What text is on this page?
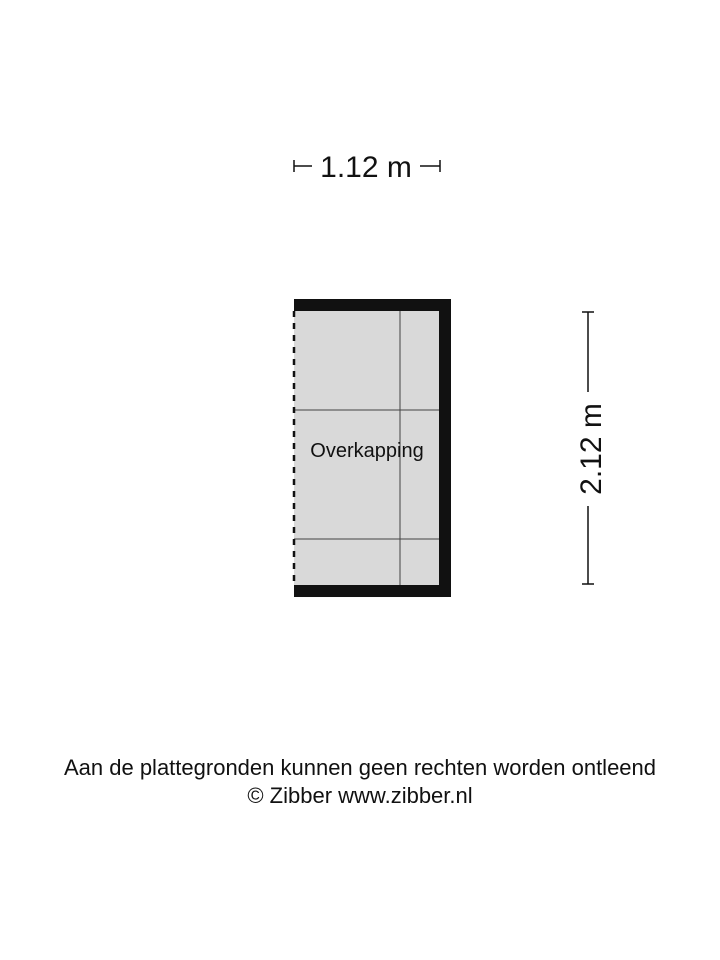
1.12 m
2.12 m
Overkapping
Aan de plattegronden kunnen geen rechten worden ontleend
© Zibber www.zibber.nl
